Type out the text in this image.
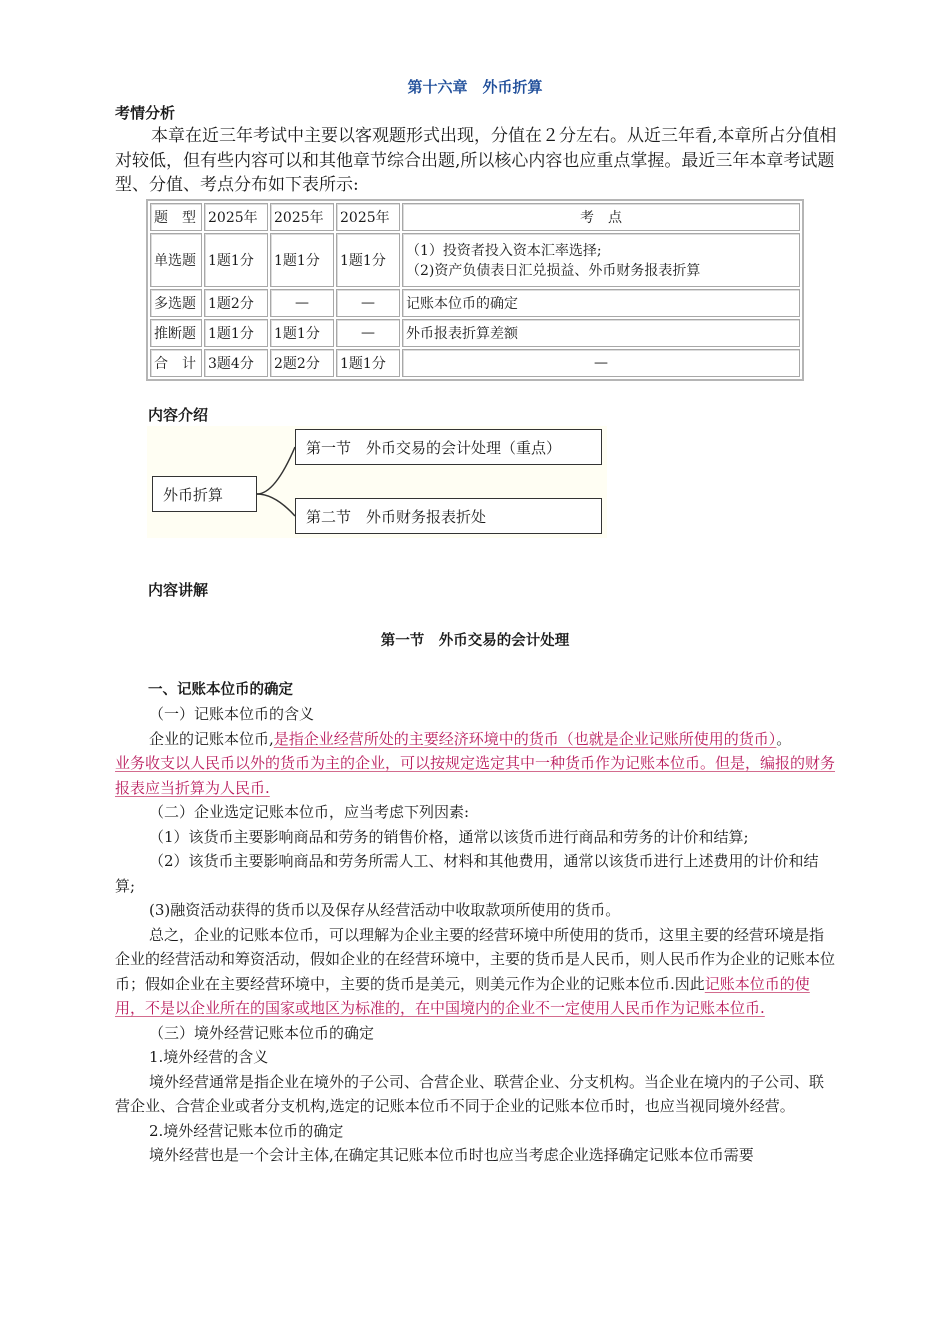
第十六章　外币折算
考情分析
本章在近三年考试中主要以客观题形式出现，分值在２分左右。从近三年看,本章所占分值相对较低，但有些内容可以和其他章节综合出题,所以核心内容也应重点掌握。最近三年本章考试题型、分值、考点分布如下表所示:
题　型	2025年	2025年	2025年	考　点
单选题	1题1分	1题1分	1题1分	（1）投资者投入资本汇率选择;
（2)资产负债表日汇兑损益、外币财务报表折算

多选题	1题2分	—	—	记账本位币的确定
推断题	1题1分	1题1分	—	外币报表折算差额
合　计	3题4分	2题2分	1题1分	—
内容介绍
外币折算
第一节　外币交易的会计处理（重点）
第二节　外币财务报表折处
内容讲解
第一节　外币交易的会计处理
一、记账本位币的确定
（一）记账本位币的含义
企业的记账本位币,是指企业经营所处的主要经济环境中的货币（也就是企业记账所使用的货币）。
业务收支以人民币以外的货币为主的企业，可以按规定选定其中一种货币作为记账本位币。但是，编报的财务报表应当折算为人民币.
（二）企业选定记账本位币，应当考虑下列因素:
（1）该货币主要影响商品和劳务的销售价格，通常以该货币进行商品和劳务的计价和结算;
（2）该货币主要影响商品和劳务所需人工、材料和其他费用，通常以该货币进行上述费用的计价和结算;
(3)融资活动获得的货币以及保存从经营活动中收取款项所使用的货币。
总之，企业的记账本位币，可以理解为企业主要的经营环境中所使用的货币，这里主要的经营环境是指企业的经营活动和筹资活动，假如企业的在经营环境中，主要的货币是人民币，则人民币作为企业的记账本位币；假如企业在主要经营环境中，主要的货币是美元，则美元作为企业的记账本位币.因此记账本位币的使用，不是以企业所在的国家或地区为标准的，在中国境内的企业不一定使用人民币作为记账本位币.
（三）境外经营记账本位币的确定
1.境外经营的含义
境外经营通常是指企业在境外的子公司、合营企业、联营企业、分支机构。当企业在境内的子公司、联营企业、合营企业或者分支机构,选定的记账本位币不同于企业的记账本位币时，也应当视同境外经营。
2.境外经营记账本位币的确定
境外经营也是一个会计主体,在确定其记账本位币时也应当考虑企业选择确定记账本位币需要
